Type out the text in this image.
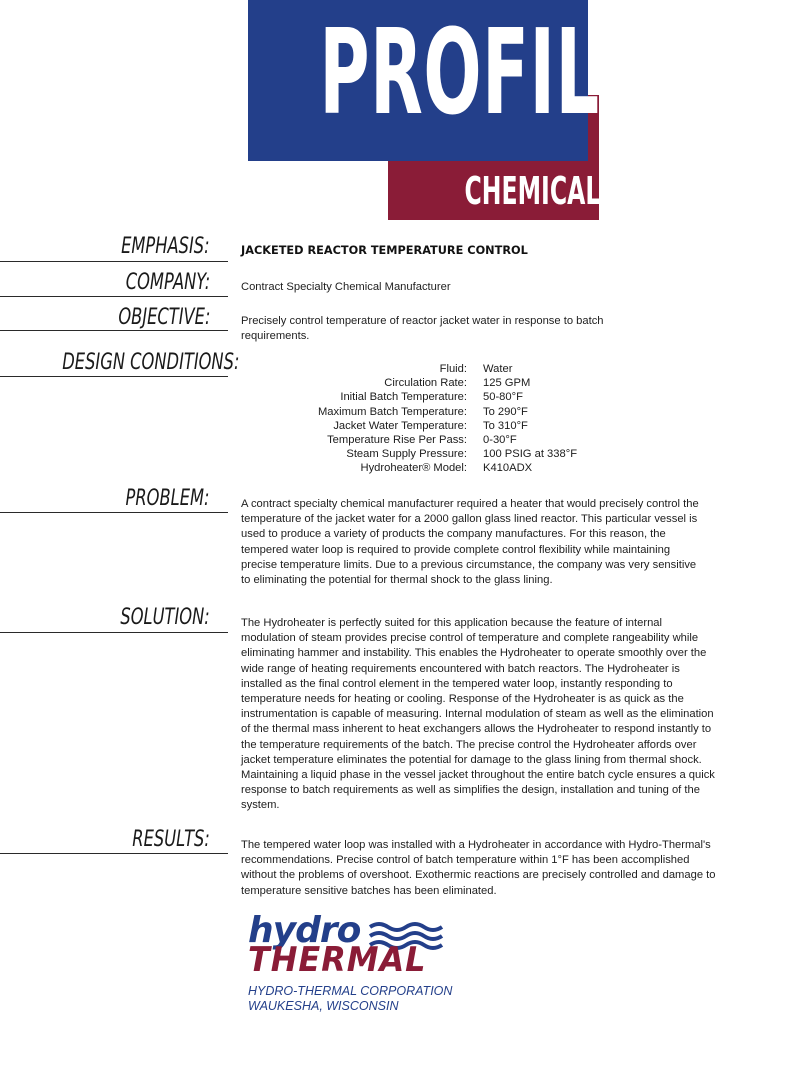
PROFILE
CHEMICAL
EMPHASIS:	JACKETED REACTOR TEMPERATURE CONTROL
COMPANY:	Contract Specialty Chemical Manufacturer
OBJECTIVE:	Precisely control temperature of reactor jacket water in response to batch requirements.
DESIGN CONDITIONS:	Fluid:	Water
Circulation Rate:	125 GPM
Initial Batch Temperature:	50-80°F
Maximum Batch Temperature:	To 290°F
Jacket Water Temperature:	To 310°F
Temperature Rise Per Pass:	0-30°F
Steam Supply Pressure:	100 PSIG at 338°F
Hydroheater® Model:	K410ADX
PROBLEM:	A contract specialty chemical manufacturer required a heater that would precisely control the temperature of the jacket water for a 2000 gallon glass lined reactor. This particular vessel is used to produce a variety of products the company manufactures. For this reason, the tempered water loop is required to provide complete control flexibility while maintaining precise temperature limits. Due to a previous circumstance, the company was very sensitive to eliminating the potential for thermal shock to the glass lining.
SOLUTION:	The Hydroheater is perfectly suited for this application because the feature of internal modulation of steam provides precise control of temperature and complete rangeability while eliminating hammer and instability. This enables the Hydroheater to operate smoothly over the wide range of heating requirements encountered with batch reactors. The Hydroheater is installed as the final control element in the tempered water loop, instantly responding to temperature needs for heating or cooling. Response of the Hydroheater is as quick as the instrumentation is capable of measuring. Internal modulation of steam as well as the elimination of the thermal mass inherent to heat exchangers allows the Hydroheater to respond instantly to the temperature requirements of the batch. The precise control the Hydroheater affords over jacket temperature eliminates the potential for damage to the glass lining from thermal shock. Maintaining a liquid phase in the vessel jacket throughout the entire batch cycle ensures a quick response to batch requirements as well as simplifies the design, installation and tuning of the system.
RESULTS:	The tempered water loop was installed with a Hydroheater in accordance with Hydro-Thermal's recommendations. Precise control of batch temperature within 1°F has been accomplished without the problems of overshoot. Exothermic reactions are precisely controlled and damage to temperature sensitive batches has been eliminated.
hydro
THERMAL
HYDRO-THERMAL CORPORATION
WAUKESHA, WISCONSIN
